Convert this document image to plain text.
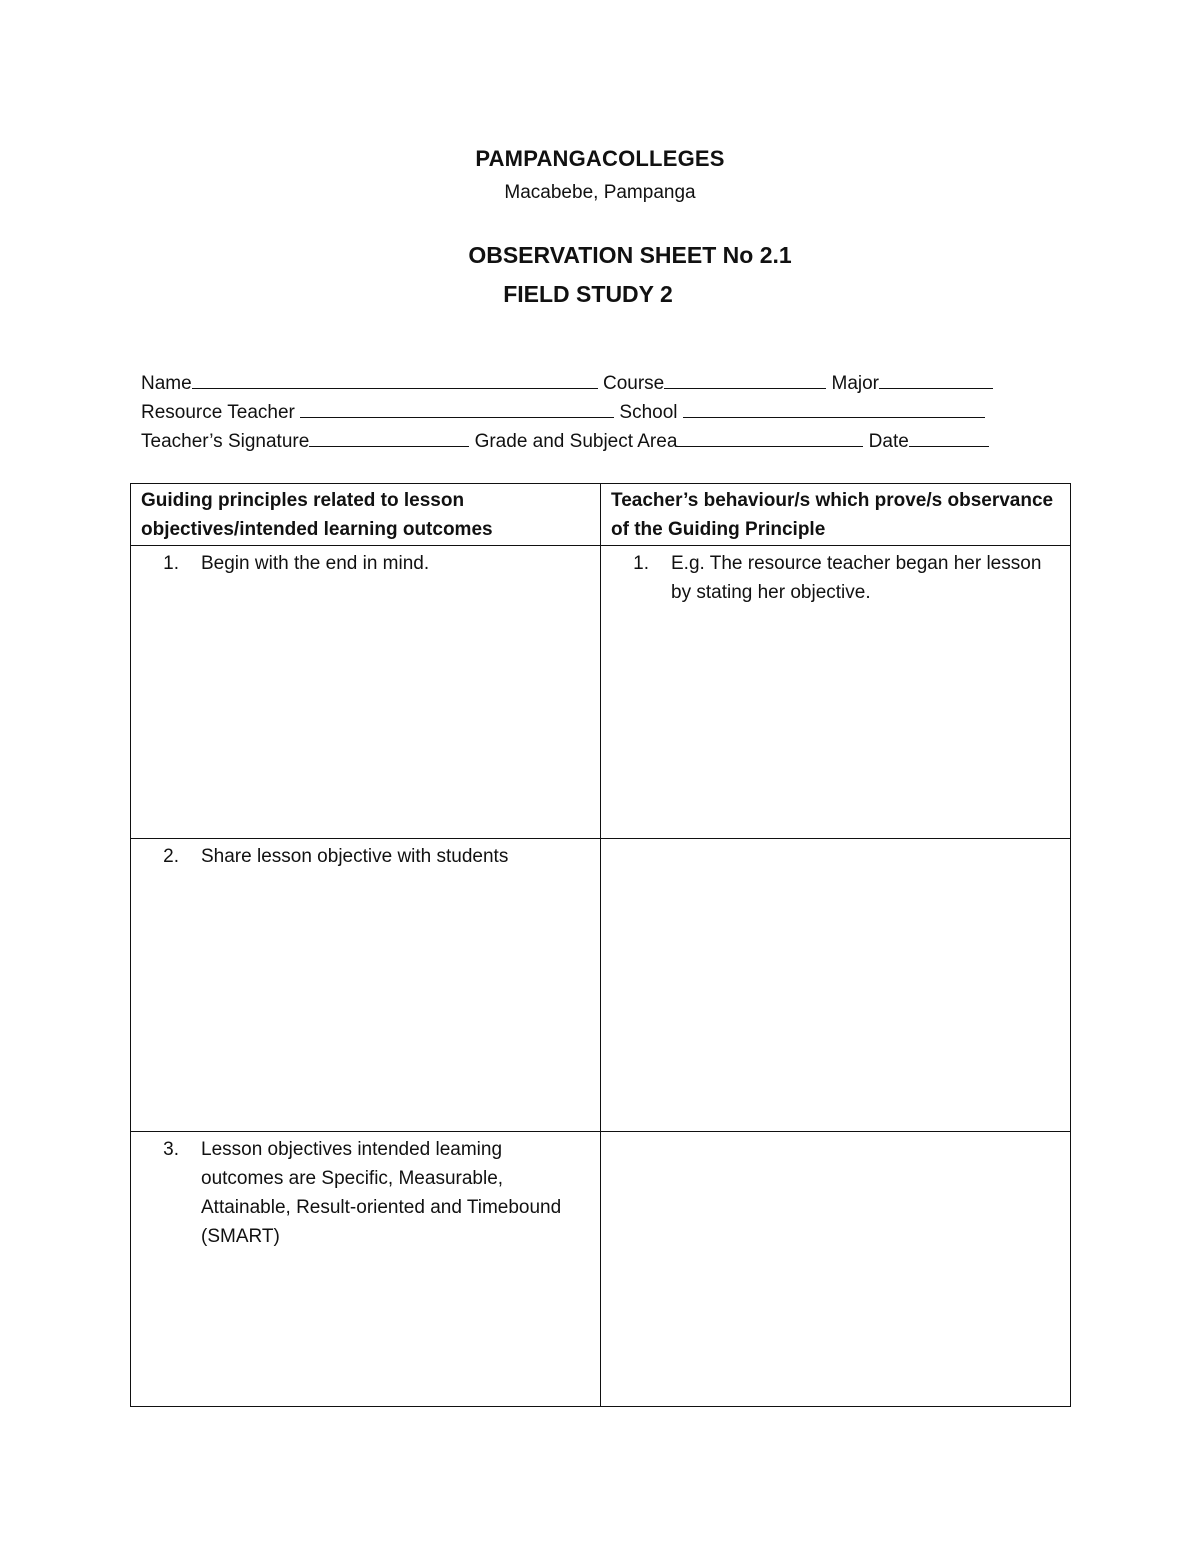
PAMPANGACOLLEGES
Macabebe, Pampanga
OBSERVATION SHEET No 2.1
FIELD STUDY 2
Name	Course	Major
Resource Teacher	School
Teacher’s Signature	Grade and Subject Area	Date
Guiding principles related to lesson objectives/intended learning outcomes	Teacher’s behaviour/s which prove/s observance of the Guiding Principle

1. Begin with the end in mind.	1. E.g. The resource teacher began her lesson by stating her objective.

2. Share lesson objective with students	

3. Lesson objectives intended leaming outcomes are Specific, Measurable, Attainable, Result-oriented and Timebound (SMART)	
